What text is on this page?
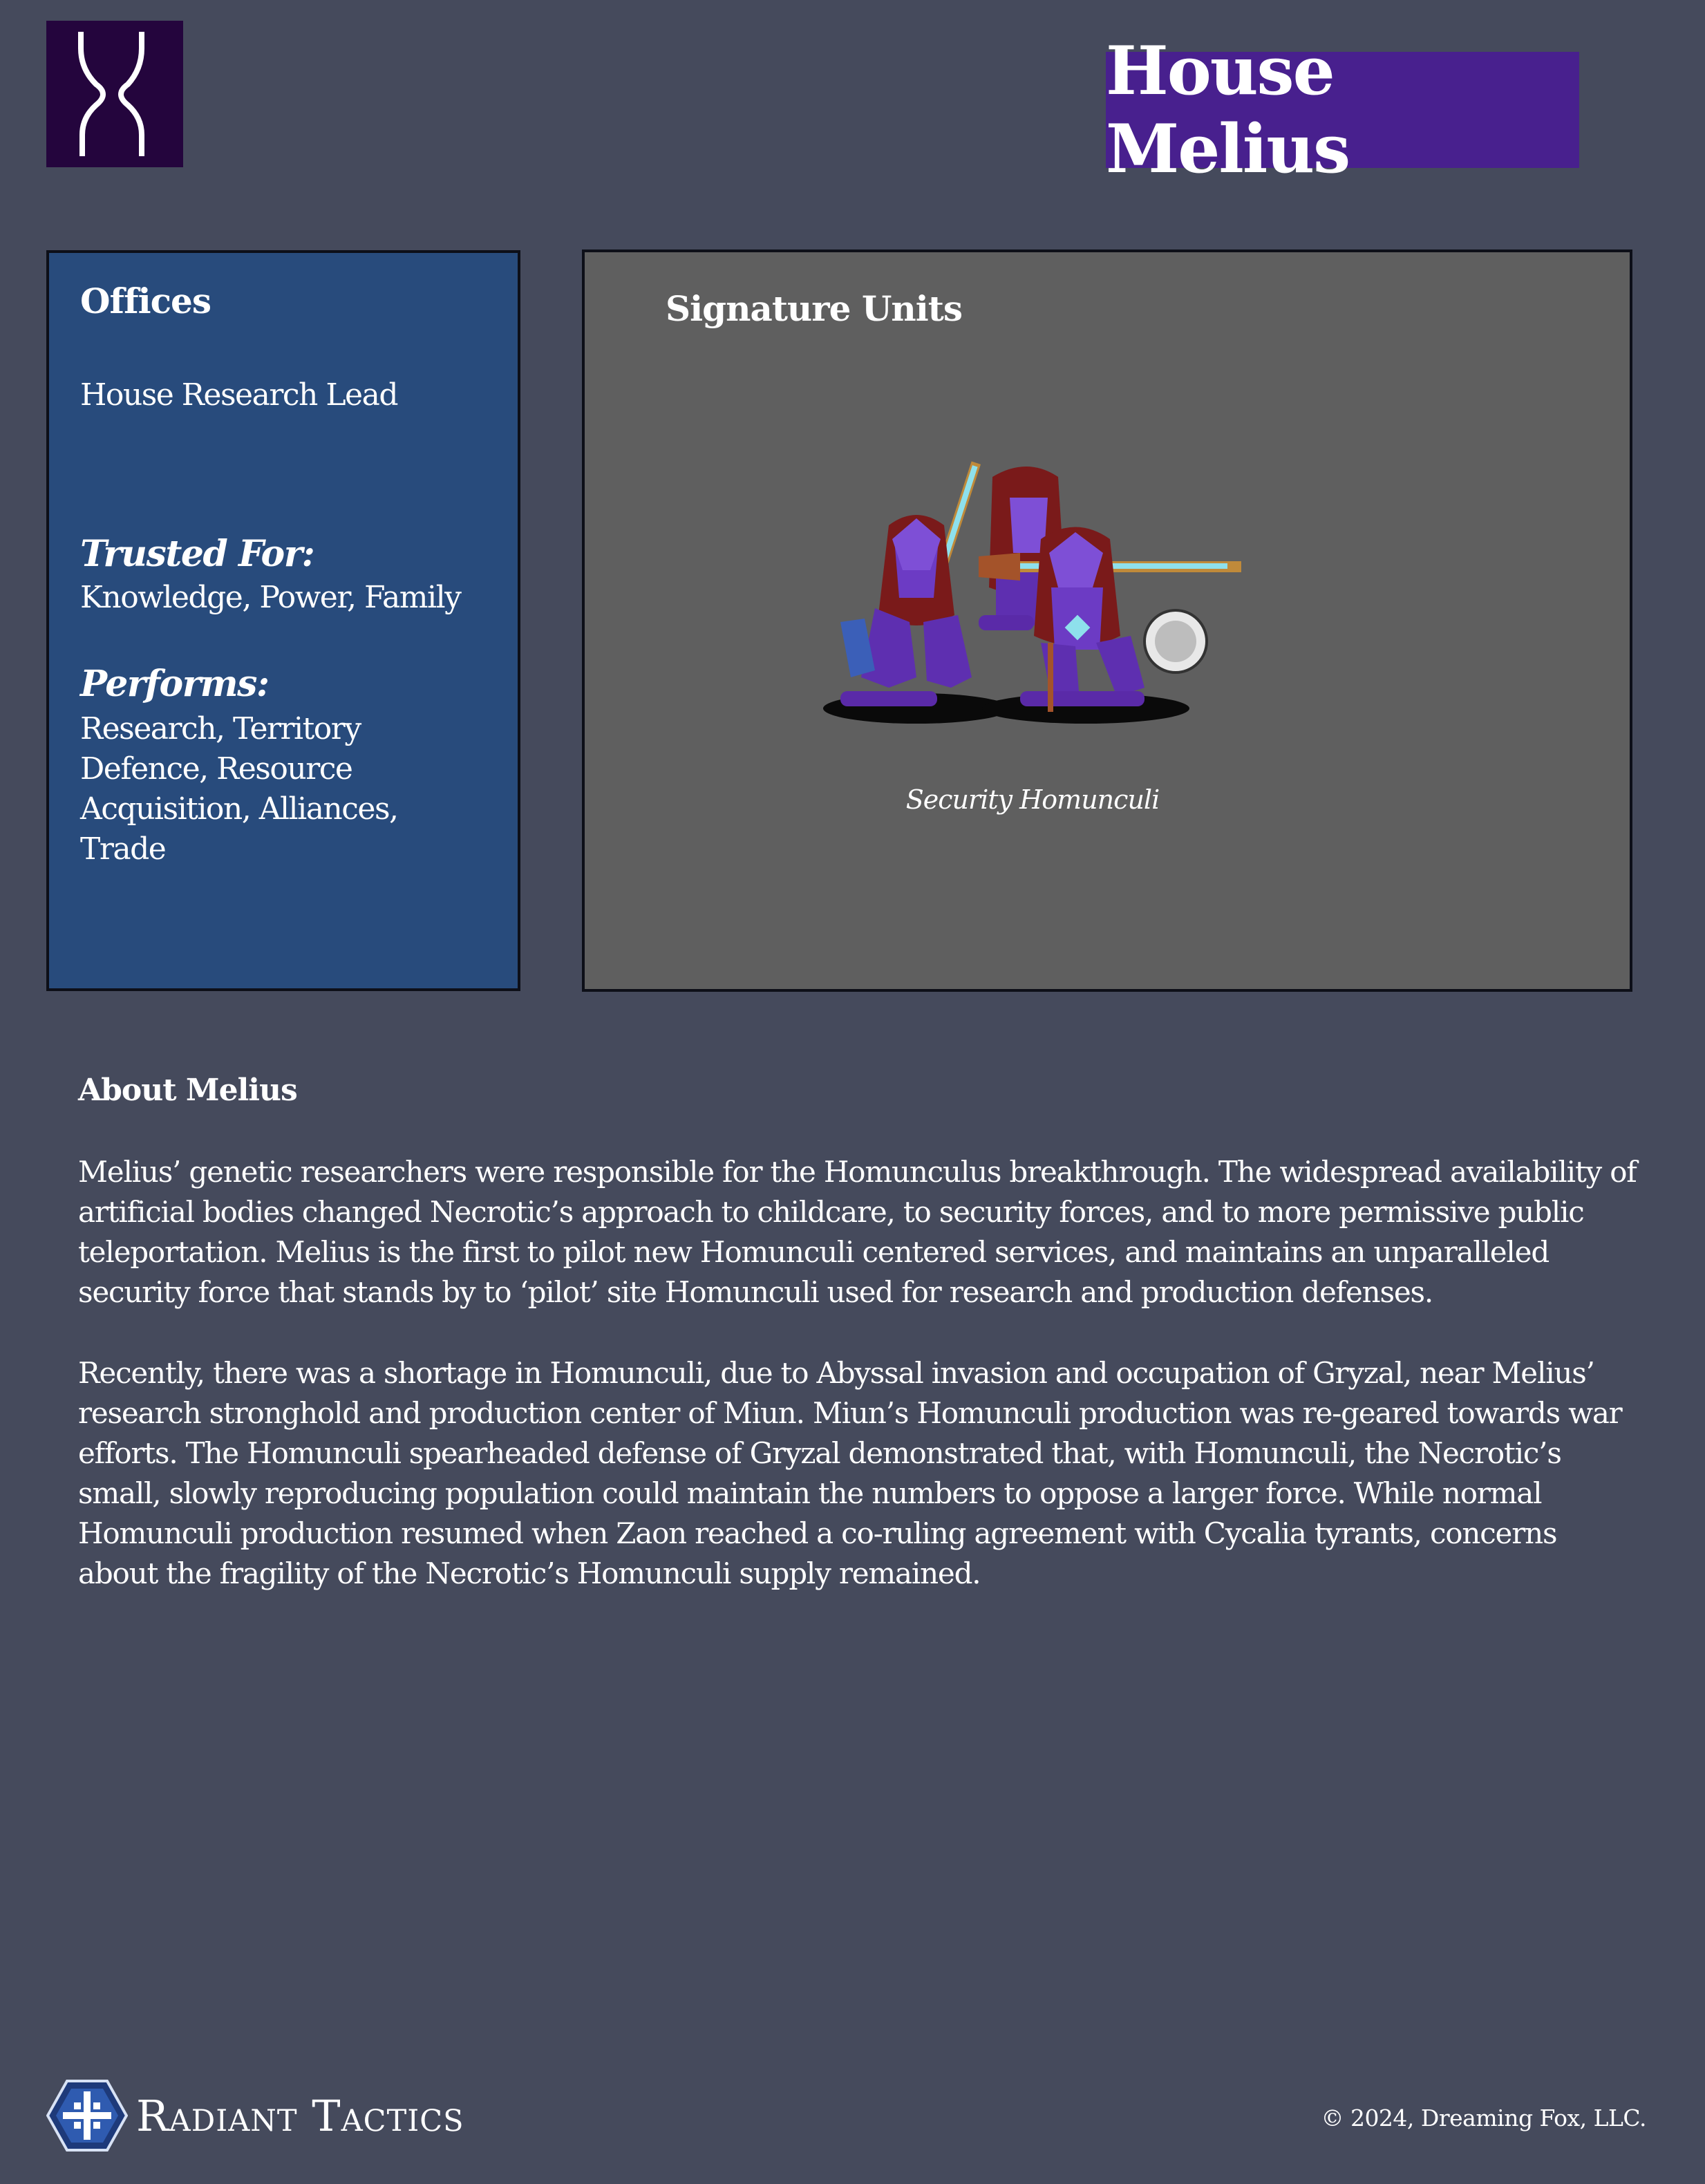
House Melius
Offices
House Research Lead
Trusted For:
Knowledge, Power, Family
Performs:
Research, Territory Defence, Resource Acquisition, Alliances, Trade
Signature Units
Security Homunculi
About Melius

Melius’ genetic researchers were responsible for the Homunculus breakthrough. The widespread availability of artificial bodies changed Necrotic’s approach to childcare, to security forces, and to more permissive public teleportation. Melius is the first to pilot new Homunculi centered services, and maintains an unparalleled security force that stands by to ‘pilot’ site Homunculi used for research and production defenses.

Recently, there was a shortage in Homunculi, due to Abyssal invasion and occupation of Gryzal, near Melius’ research stronghold and production center of Miun. Miun’s Homunculi production was re-geared towards war efforts. The Homunculi spearheaded defense of Gryzal demonstrated that, with Homunculi, the Necrotic’s small, slowly reproducing population could maintain the numbers to oppose a larger force. While normal Homunculi production resumed when Zaon reached a co-ruling agreement with Cycalia tyrants, concerns about the fragility of the Necrotic’s Homunculi supply remained.

Radiant Tactics	© 2024, Dreaming Fox, LLC.
